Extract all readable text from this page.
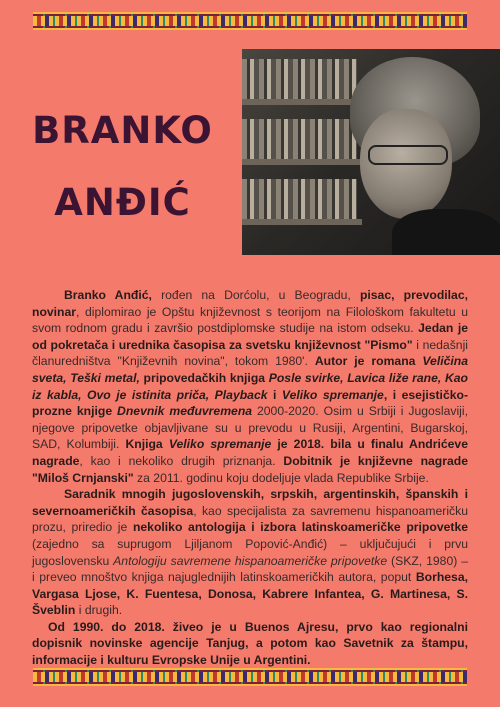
BRANKO
ANĐIĆ

Branko Anđić, rođen na Dorćolu, u Beogradu, pisac, prevodilac, novinar, diplomirao je Opštu književnost s teorijom na Filološkom fakultetu u svom rodnom gradu i završio postdiplomske studije na istom odseku. Jedan je od pokretača i urednika časopisa za svetsku književnost "Pismo" i nedašnji članuredništva "Književnih novina", tokom 1980'. Autor je romana Veličina sveta, Teški metal, pripovedačkih knjiga Posle svirke, Lavica liže rane, Kao iz kabla, Ovo je istinita priča, Playback i Veliko spremanje, i esejističko-prozne knjige Dnevnik međuvremena 2000-2020. Osim u Srbiji i Jugoslaviji, njegove pripovetke objavljivane su u prevodu u Rusiji, Argentini, Bugarskoj, SAD, Kolumbiji. Knjiga Veliko spremanje je 2018. bila u finalu Andrićeve nagrade, kao i nekoliko drugih priznanja. Dobitnik je književne nagrade "Miloš Crnjanski" za 2011. godinu koju dodeljuje vlada Republike Srbije.

Saradnik mnogih jugoslovenskih, srpskih, argentinskih, španskih i severnoameričkih časopisa, kao specijalista za savremenu hispanoameričku prozu, priredio je nekoliko antologija i izbora latinskoameričke pripovetke (zajedno sa suprugom Ljiljanom Popović-Anđić) – uključujući i prvu jugoslovensku Antologiju savremene hispanoameričke pripovetke (SKZ, 1980) – i preveo mnoštvo knjiga najuglednijih latinskoameričkih autora, poput Borhesa, Vargasa Ljose, K. Fuentesa, Donosa, Kabrere Infantea, G. Martinesa, S. Šveblin i drugih.

Od 1990. do 2018. živeo je u Buenos Ajresu, prvo kao regionalni dopisnik novinske agencije Tanjug, a potom kao Savetnik za štampu, informacije i kulturu Evropske Unije u Argentini.
